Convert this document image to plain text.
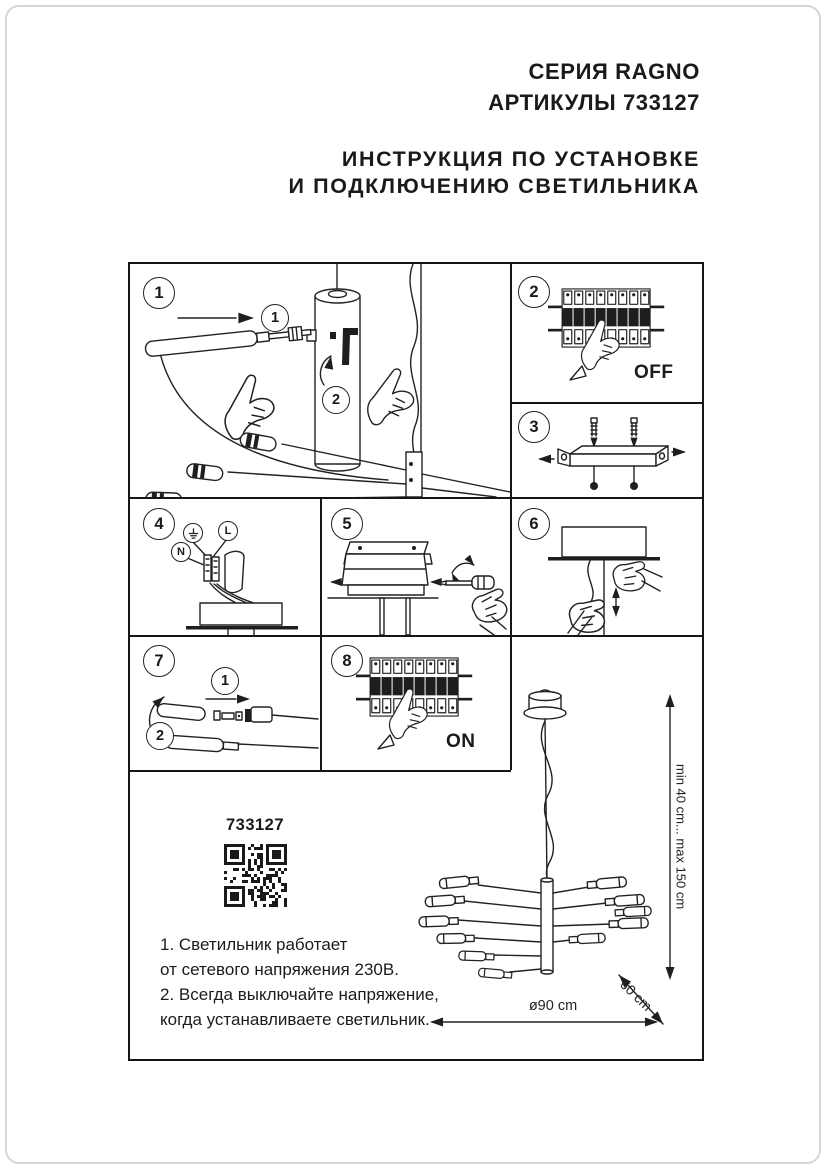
СЕРИЯ RAGNO
АРТИКУЛЫ 733127
ИНСТРУКЦИЯ ПО УСТАНОВКЕ
И ПОДКЛЮЧЕНИЮ СВЕТИЛЬНИКА
1
1
2
2
OFF
3
4	L
N
5	6
7
1
2
8
ON
733127
1. Светильник работает
от сетевого напряжения 230В.
2. Всегда выключайте напряжение,
когда устанавливаете светильник.
min 40 cm... max 150 cm
60 cm
ø90 cm
